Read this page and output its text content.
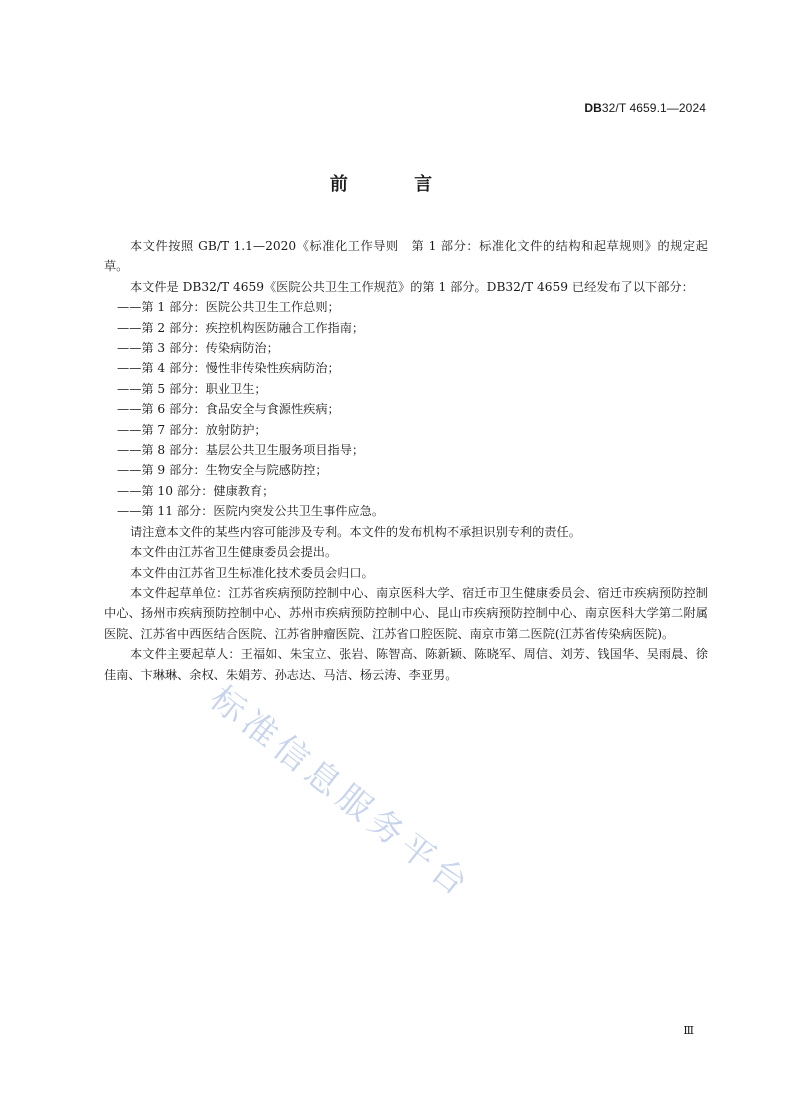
DB32/T 4659.1—2024
前 言

本文件按照 GB/T 1.1—2020《标准化工作导则　第 1 部分：标准化文件的结构和起草规则》的规定起草。

本文件是 DB32/T 4659《医院公共卫生工作规范》的第 1 部分。DB32/T 4659 已经发布了以下部分：

——第 1 部分：医院公共卫生工作总则；

——第 2 部分：疾控机构医防融合工作指南；

——第 3 部分：传染病防治；

——第 4 部分：慢性非传染性疾病防治；

——第 5 部分：职业卫生；

——第 6 部分：食品安全与食源性疾病；

——第 7 部分：放射防护；

——第 8 部分：基层公共卫生服务项目指导；

——第 9 部分：生物安全与院感防控；

——第 10 部分：健康教育；

——第 11 部分：医院内突发公共卫生事件应急。

请注意本文件的某些内容可能涉及专利。本文件的发布机构不承担识别专利的责任。

本文件由江苏省卫生健康委员会提出。

本文件由江苏省卫生标准化技术委员会归口。

本文件起草单位：江苏省疾病预防控制中心、南京医科大学、宿迁市卫生健康委员会、宿迁市疾病预防控制中心、扬州市疾病预防控制中心、苏州市疾病预防控制中心、昆山市疾病预防控制中心、南京医科大学第二附属医院、江苏省中西医结合医院、江苏省肿瘤医院、江苏省口腔医院、南京市第二医院(江苏省传染病医院)。

本文件主要起草人：王福如、朱宝立、张岩、陈智高、陈新颖、陈晓军、周信、刘芳、钱国华、吴雨晨、徐佳南、卞琳琳、余权、朱娟芳、孙志达、马洁、杨云涛、李亚男。

标准信息服务平台
Ⅲ
